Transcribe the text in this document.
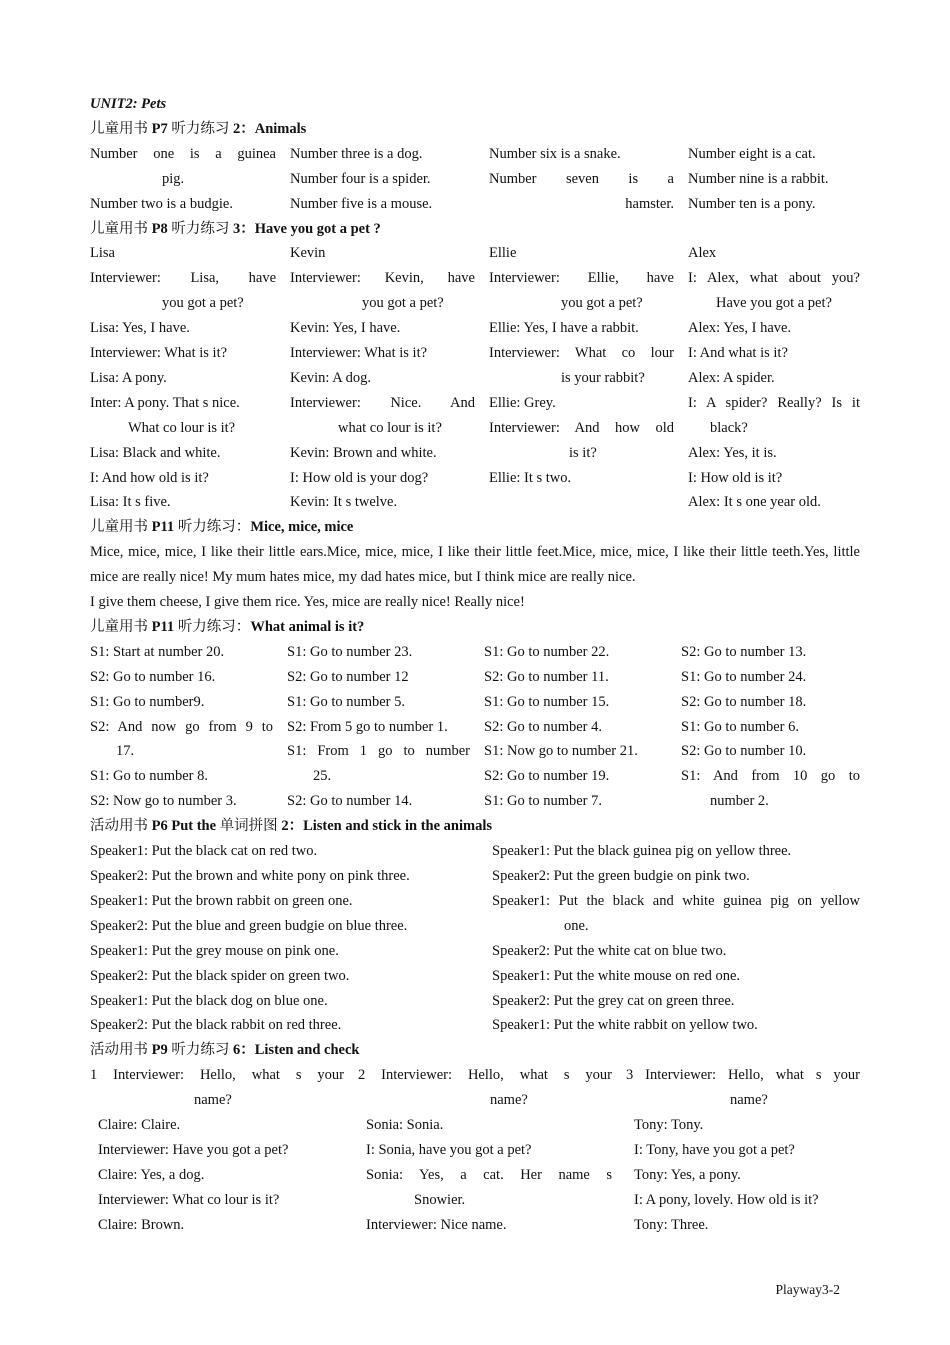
UNIT2: Pets
儿童用书 P7 听力练习 2：Animals
Number one is a guinea
pig.
Number two is a budgie.
Number three is a dog.
Number four is a spider.
Number five is a mouse.
Number six is a snake.
Number seven is a
hamster.
Number eight is a cat.
Number nine is a rabbit.
Number ten is a pony.
儿童用书 P8 听力练习 3：Have you got a pet ?
Lisa
Interviewer: Lisa, have
you got a pet?
Lisa: Yes, I have.
Interviewer: What is it?
Lisa: A pony.
Inter: A pony. That s nice.
What co lour is it?
Lisa: Black and white.
I: And how old is it?
Lisa: It s five.
Kevin
Interviewer: Kevin, have
you got a pet?
Kevin: Yes, I have.
Interviewer: What is it?
Kevin: A dog.
Interviewer: Nice. And
what co lour is it?
Kevin: Brown and white.
I: How old is your dog?
Kevin: It s twelve.
Ellie
Interviewer: Ellie, have
you got a pet?
Ellie: Yes, I have a rabbit.
Interviewer: What co lour
is your rabbit?
Ellie: Grey.
Interviewer: And how old
is it?
Ellie: It s two.
Alex
I: Alex, what about you?
Have you got a pet?
Alex: Yes, I have.
I: And what is it?
Alex: A spider.
I: A spider? Really? Is it
black?
Alex: Yes, it is.
I: How old is it?
Alex: It s one year old.
儿童用书 P11 听力练习：Mice, mice, mice
Mice, mice, mice, I like their little ears.Mice, mice, mice, I like their little feet.Mice, mice, mice, I like their little teeth.Yes, little mice are really nice! My mum hates mice, my dad hates mice, but I think mice are really nice.
I give them cheese, I give them rice. Yes, mice are really nice! Really nice!
儿童用书 P11 听力练习：What animal is it?
S1: Start at number 20.
S2: Go to number 16.
S1: Go to number9.
S2: And now go from 9 to
17.
S1: Go to number 8.
S2: Now go to number 3.
S1: Go to number 23.
S2: Go to number 12
S1: Go to number 5.
S2: From 5 go to number 1.
S1: From 1 go to number
25.
S2: Go to number 14.
S1: Go to number 22.
S2: Go to number 11.
S1: Go to number 15.
S2: Go to number 4.
S1: Now go to number 21.
S2: Go to number 19.
S1: Go to number 7.
S2: Go to number 13.
S1: Go to number 24.
S2: Go to number 18.
S1: Go to number 6.
S2: Go to number 10.
S1: And from 10 go to
number 2.
活动用书 P6 Put the 单词拼图 2：Listen and stick in the animals
Speaker1: Put the black cat on red two.
Speaker2: Put the brown and white pony on pink three.
Speaker1: Put the brown rabbit on green one.
Speaker2: Put the blue and green budgie on blue three.
Speaker1: Put the grey mouse on pink one.
Speaker2: Put the black spider on green two.
Speaker1: Put the black dog on blue one.
Speaker2: Put the black rabbit on red three.
Speaker1: Put the black guinea pig on yellow three.
Speaker2: Put the green budgie on pink two.
Speaker1: Put the black and white guinea pig on yellow
one.
Speaker2: Put the white cat on blue two.
Speaker1: Put the white mouse on red one.
Speaker2: Put the grey cat on green three.
Speaker1: Put the white rabbit on yellow two.
活动用书 P9 听力练习 6：Listen and check
1 Interviewer: Hello, what s your
name?
Claire: Claire.
Interviewer: Have you got a pet?
Claire: Yes, a dog.
Interviewer: What co lour is it?
Claire: Brown.
2 Interviewer: Hello, what s your
name?
Sonia: Sonia.
I: Sonia, have you got a pet?
Sonia: Yes, a cat. Her name s
Snowier.
Interviewer: Nice name.
3 Interviewer: Hello, what s your
name?
Tony: Tony.
I: Tony, have you got a pet?
Tony: Yes, a pony.
I: A pony, lovely. How old is it?
Tony: Three.
Playway3-2
